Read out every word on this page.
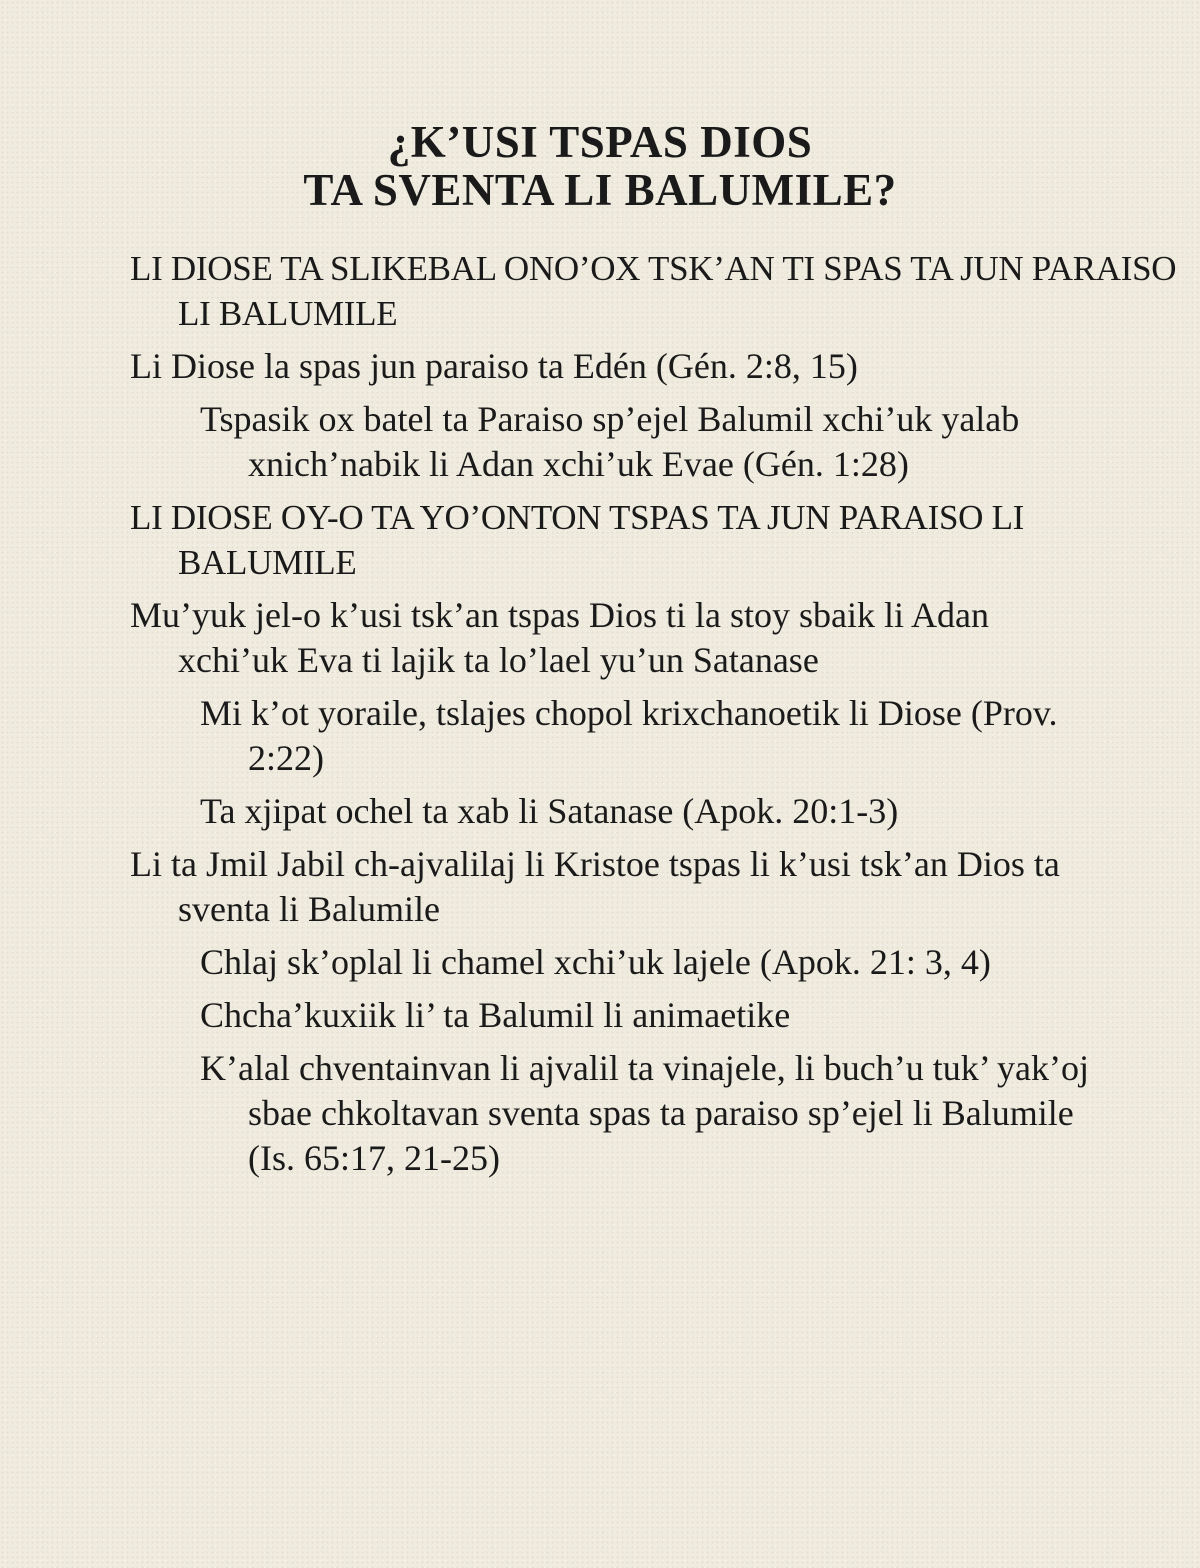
¿K’USI TSPAS DIOS
TA SVENTA LI BALUMILE?
LI DIOSE TA SLIKEBAL ONO’OX TSK’AN TI SPAS TA JUN PARAISO LI BALUMILE
Li Diose la spas jun paraiso ta Edén (Gén. 2:8, 15)
Tspasik ox batel ta Paraiso sp’ejel Balumil xchi’uk yalab xnich’nabik li Adan xchi’uk Evae (Gén. 1:28)
LI DIOSE OY-O TA YO’ONTON TSPAS TA JUN PARAISO LI BALUMILE
Mu’yuk jel-o k’usi tsk’an tspas Dios ti la stoy sbaik li Adan xchi’uk Eva ti lajik ta lo’lael yu’un Satanase
Mi k’ot yoraile, tslajes chopol krixchanoetik li Diose (Prov. 2:22)
Ta xjipat ochel ta xab li Satanase (Apok. 20:1-3)
Li ta Jmil Jabil ch-ajvalilaj li Kristoe tspas li k’usi tsk’an Dios ta sventa li Balumile
Chlaj sk’oplal li chamel xchi’uk lajele (Apok. 21: 3, 4)
Chcha’kuxiik li’ ta Balumil li animaetike
K’alal chventainvan li ajvalil ta vinajele, li buch’u tuk’ yak’oj sbae chkoltavan sventa spas ta paraiso sp’ejel li Balumile (Is. 65:17, 21-25)
